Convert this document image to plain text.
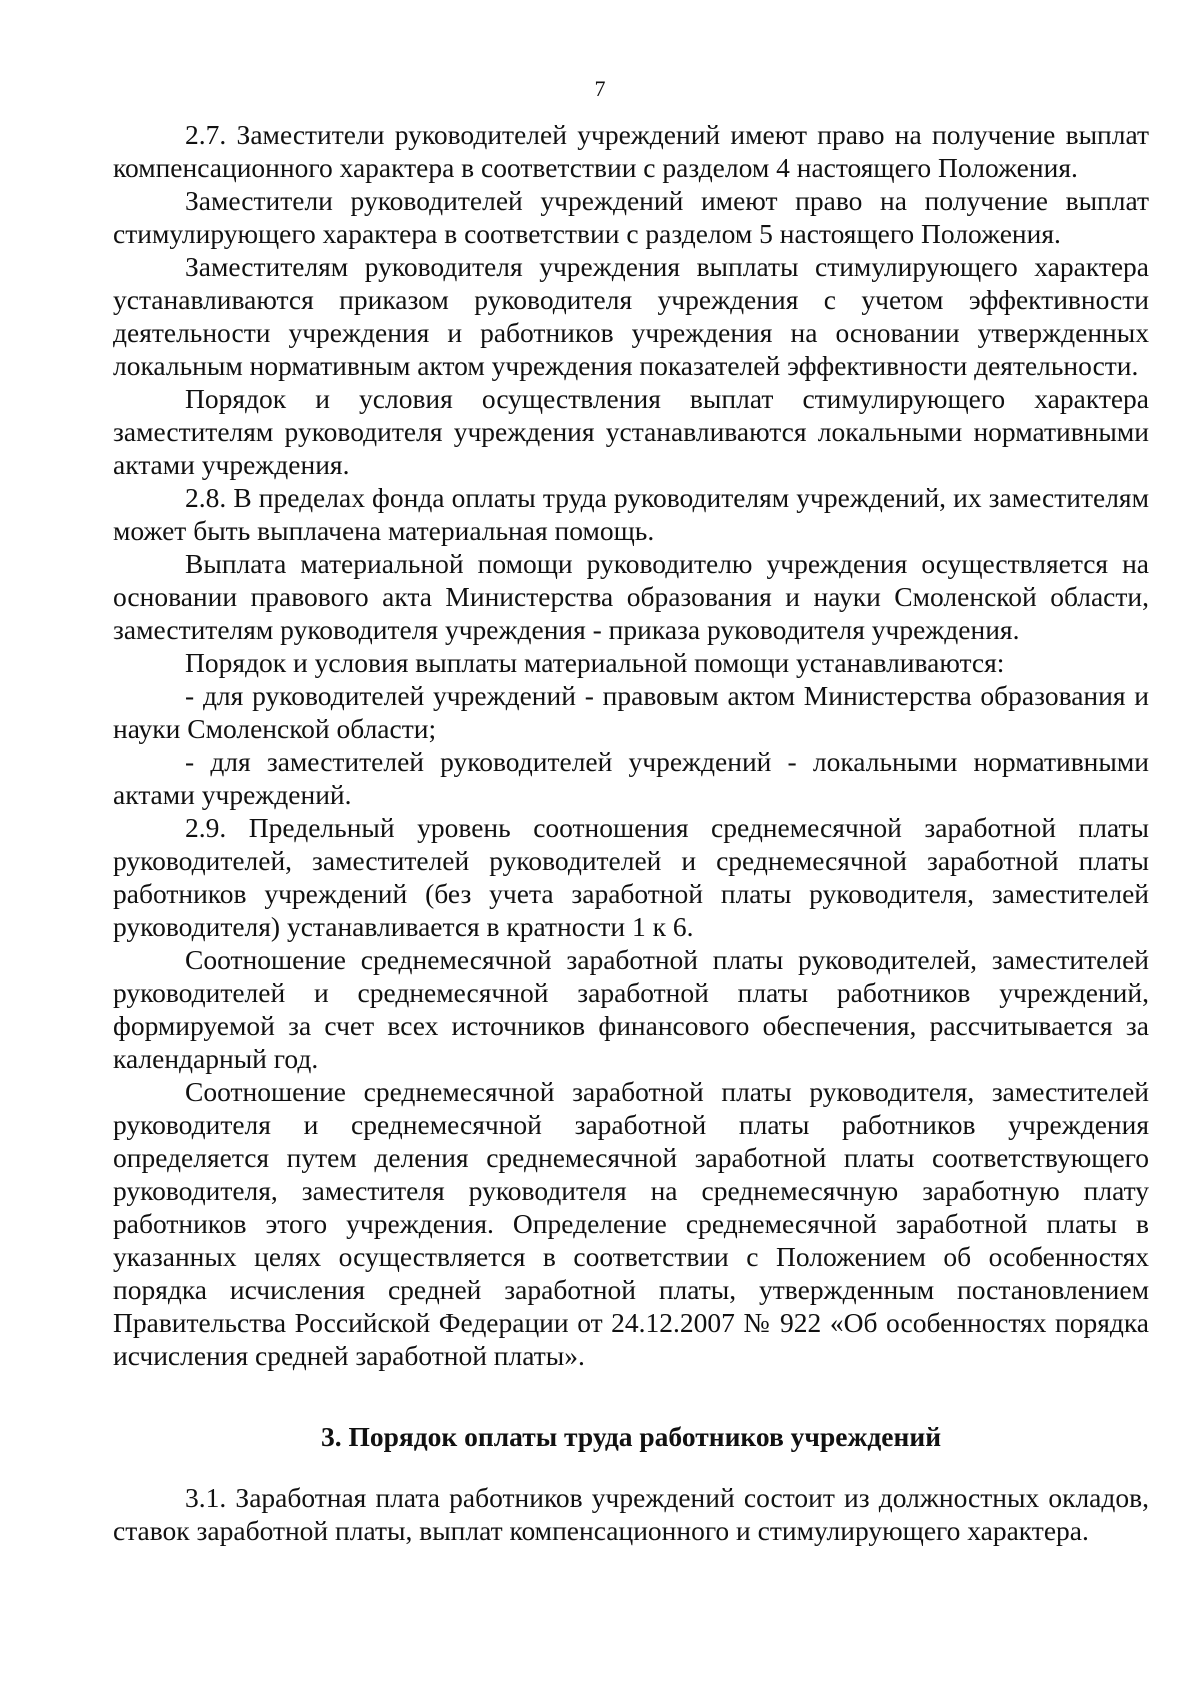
7

2.7. Заместители руководителей учреждений имеют право на получение выплат компенсационного характера в соответствии с разделом 4 настоящего Положения.

Заместители руководителей учреждений имеют право на получение выплат стимулирующего характера в соответствии с разделом 5 настоящего Положения.

Заместителям руководителя учреждения выплаты стимулирующего характера устанавливаются приказом руководителя учреждения с учетом эффективности деятельности учреждения и работников учреждения на основании утвержденных локальным нормативным актом учреждения показателей эффективности деятельности.

Порядок и условия осуществления выплат стимулирующего характера заместителям руководителя учреждения устанавливаются локальными нормативными актами учреждения.

2.8. В пределах фонда оплаты труда руководителям учреждений, их заместителям может быть выплачена материальная помощь.

Выплата материальной помощи руководителю учреждения осуществляется на основании правового акта Министерства образования и науки Смоленской области, заместителям руководителя учреждения - приказа руководителя учреждения.

Порядок и условия выплаты материальной помощи устанавливаются:

- для руководителей учреждений - правовым актом Министерства образования и науки Смоленской области;

- для заместителей руководителей учреждений - локальными нормативными актами учреждений.

2.9. Предельный уровень соотношения среднемесячной заработной платы руководителей, заместителей руководителей и среднемесячной заработной платы работников учреждений (без учета заработной платы руководителя, заместителей руководителя) устанавливается в кратности 1 к 6.

Соотношение среднемесячной заработной платы руководителей, заместителей руководителей и среднемесячной заработной платы работников учреждений, формируемой за счет всех источников финансового обеспечения, рассчитывается за календарный год.

Соотношение среднемесячной заработной платы руководителя, заместителей руководителя и среднемесячной заработной платы работников учреждения определяется путем деления среднемесячной заработной платы соответствующего руководителя, заместителя руководителя на среднемесячную заработную плату работников этого учреждения. Определение среднемесячной заработной платы в указанных целях осуществляется в соответствии с Положением об особенностях порядка исчисления средней заработной платы, утвержденным постановлением Правительства Российской Федерации от 24.12.2007 № 922 «Об особенностях порядка исчисления средней заработной платы».

3. Порядок оплаты труда работников учреждений

3.1. Заработная плата работников учреждений состоит из должностных окладов, ставок заработной платы, выплат компенсационного и стимулирующего характера.
